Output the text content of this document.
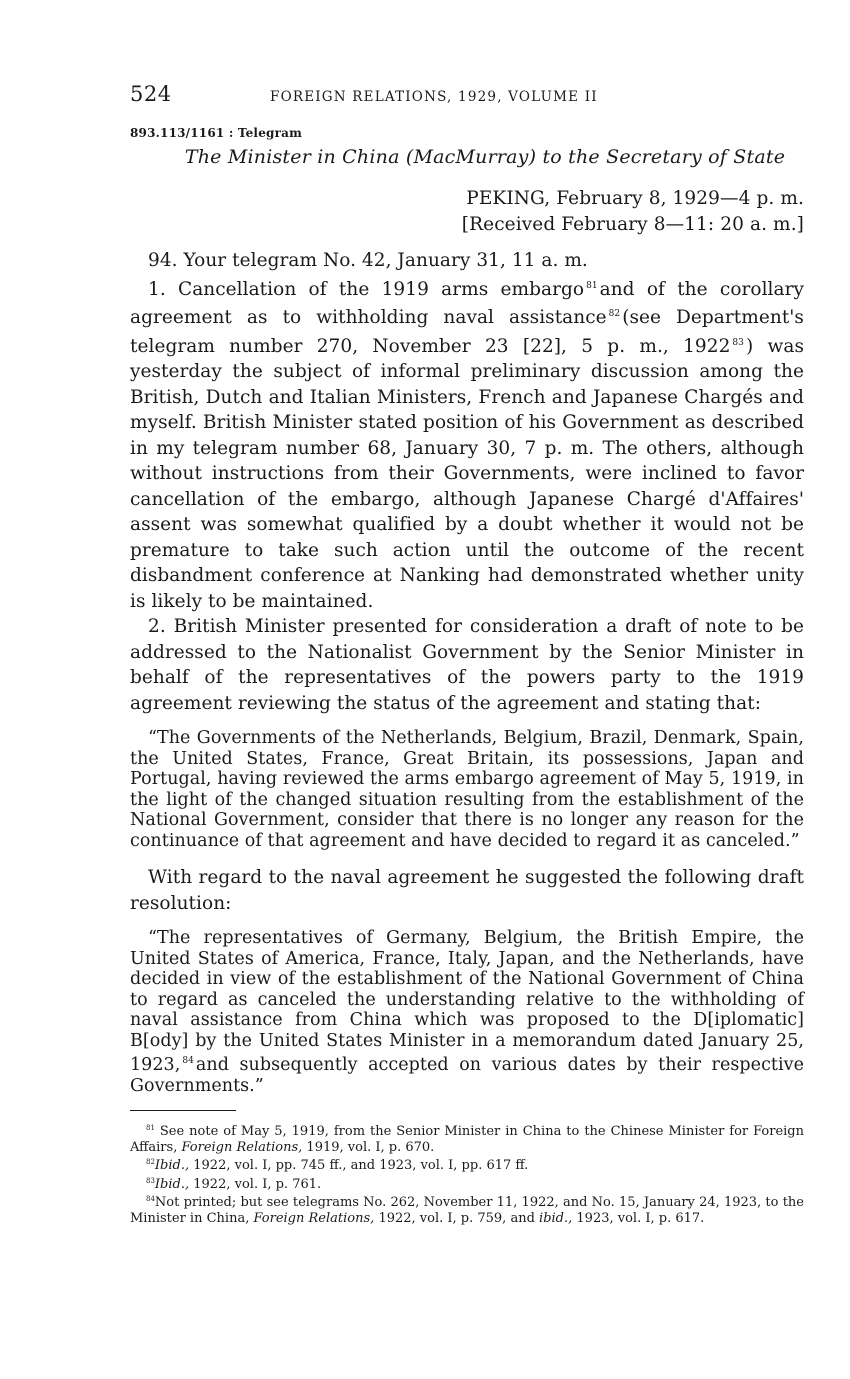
524	FOREIGN RELATIONS, 1929, VOLUME II
893.113/1161 : Telegram
The Minister in China (MacMurray) to the Secretary of State
PEKING, February 8, 1929—4 p. m.
[Received February 8—11: 20 a. m.]

94. Your telegram No. 42, January 31, 11 a. m.

1. Cancellation of the 1919 arms embargo $^{81}$ and of the corollary agreement as to withholding naval assistance $^{82}$ (see Department's telegram number 270, November 23 [22], 5 p. m., 1922 $^{83}$ ) was yesterday the subject of informal preliminary discussion among the British, Dutch and Italian Ministers, French and Japanese Chargés and myself. British Minister stated position of his Government as described in my telegram number 68, January 30, 7 p. m. The others, although without instructions from their Governments, were inclined to favor cancellation of the embargo, although Japanese Chargé d'Affaires' assent was somewhat qualified by a doubt whether it would not be premature to take such action until the outcome of the recent disbandment conference at Nanking had demonstrated whether unity is likely to be maintained.

2. British Minister presented for consideration a draft of note to be addressed to the Nationalist Government by the Senior Minister in behalf of the representatives of the powers party to the 1919 agreement reviewing the status of the agreement and stating that:

“The Governments of the Netherlands, Belgium, Brazil, Denmark, Spain, the United States, France, Great Britain, its possessions, Japan and Portugal, having reviewed the arms embargo agreement of May 5, 1919, in the light of the changed situation resulting from the establishment of the National Government, consider that there is no longer any reason for the continuance of that agreement and have decided to regard it as canceled.”

With regard to the naval agreement he suggested the following draft resolution:

“The representatives of Germany, Belgium, the British Empire, the United States of America, France, Italy, Japan, and the Netherlands, have decided in view of the establishment of the National Government of China to regard as canceled the understanding relative to the withholding of naval assistance from China which was proposed to the D[iplomatic] B[ody] by the United States Minister in a memorandum dated January 25, 1923, $^{84}$ and subsequently accepted on various dates by their respective Governments.”

$^{81}$ See note of May 5, 1919, from the Senior Minister in China to the Chinese Minister for Foreign Affairs, Foreign Relations, 1919, vol. I, p. 670.

$^{82}$Ibid., 1922, vol. I, pp. 745 ff., and 1923, vol. I, pp. 617 ff.

$^{83}$Ibid., 1922, vol. I, p. 761.

$^{84}$Not printed; but see telegrams No. 262, November 11, 1922, and No. 15, January 24, 1923, to the Minister in China, Foreign Relations, 1922, vol. I, p. 759, and ibid., 1923, vol. I, p. 617.
